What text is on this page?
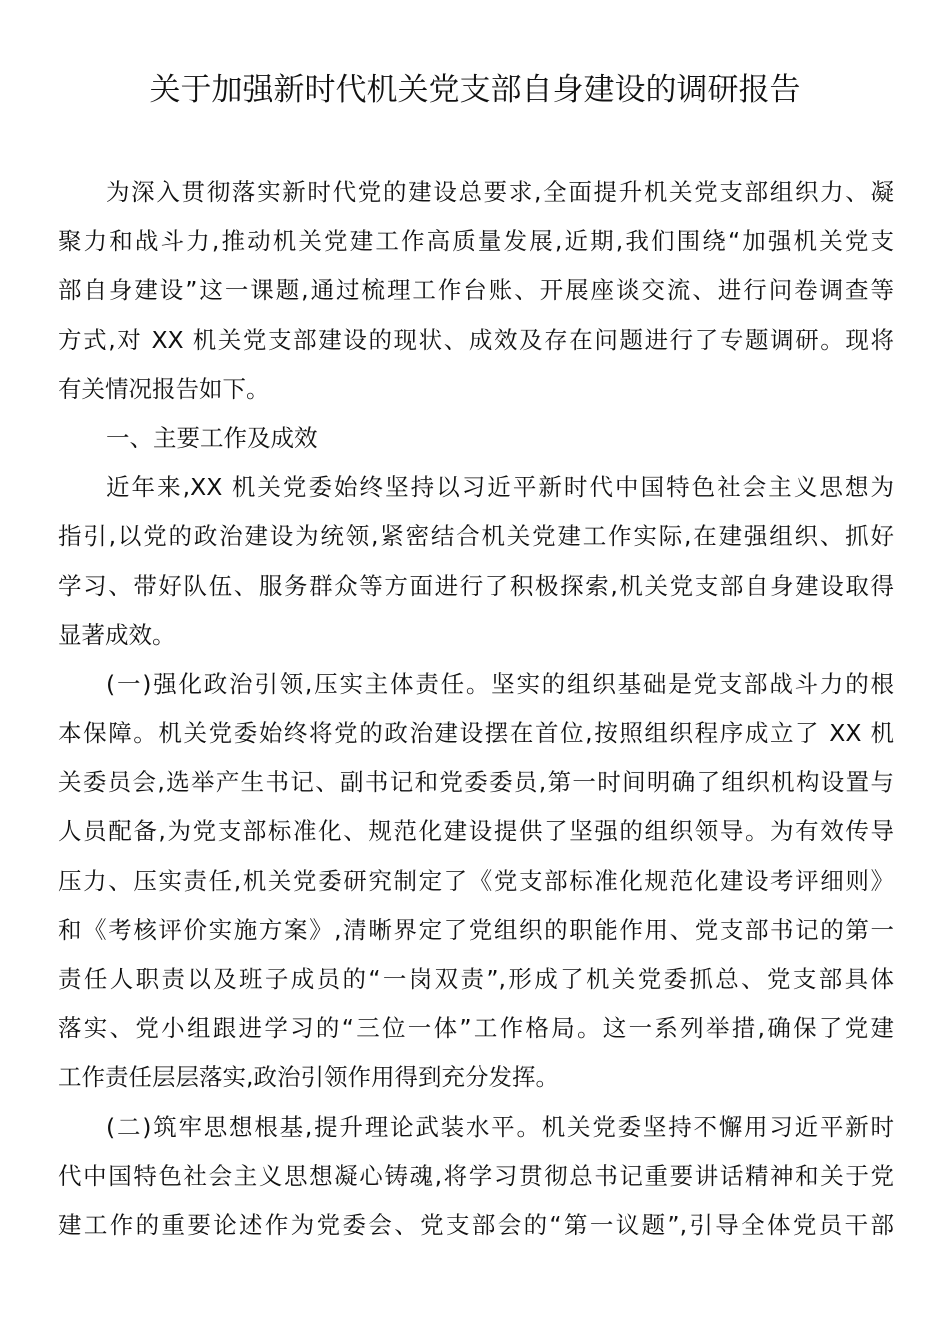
关于加强新时代机关党支部自身建设的调研报告
为深入贯彻落实新时代党的建设总要求,全面提升机关党支部组织力、凝
聚力和战斗力,推动机关党建工作高质量发展,近期,我们围绕“加强机关党支
部自身建设”这一课题,通过梳理工作台账、开展座谈交流、进行问卷调查等
方式,对 XX 机关党支部建设的现状、成效及存在问题进行了专题调研。现将
有关情况报告如下。
一、主要工作及成效
近年来,XX 机关党委始终坚持以习近平新时代中国特色社会主义思想为
指引,以党的政治建设为统领,紧密结合机关党建工作实际,在建强组织、抓好
学习、带好队伍、服务群众等方面进行了积极探索,机关党支部自身建设取得
显著成效。
(一)强化政治引领,压实主体责任。坚实的组织基础是党支部战斗力的根
本保障。机关党委始终将党的政治建设摆在首位,按照组织程序成立了 XX 机
关委员会,选举产生书记、副书记和党委委员,第一时间明确了组织机构设置与
人员配备,为党支部标准化、规范化建设提供了坚强的组织领导。为有效传导
压力、压实责任,机关党委研究制定了《党支部标准化规范化建设考评细则》
和《考核评价实施方案》,清晰界定了党组织的职能作用、党支部书记的第一
责任人职责以及班子成员的“一岗双责”,形成了机关党委抓总、党支部具体
落实、党小组跟进学习的“三位一体”工作格局。这一系列举措,确保了党建
工作责任层层落实,政治引领作用得到充分发挥。
(二)筑牢思想根基,提升理论武装水平。机关党委坚持不懈用习近平新时
代中国特色社会主义思想凝心铸魂,将学习贯彻总书记重要讲话精神和关于党
建工作的重要论述作为党委会、党支部会的“第一议题”,引导全体党员干部
